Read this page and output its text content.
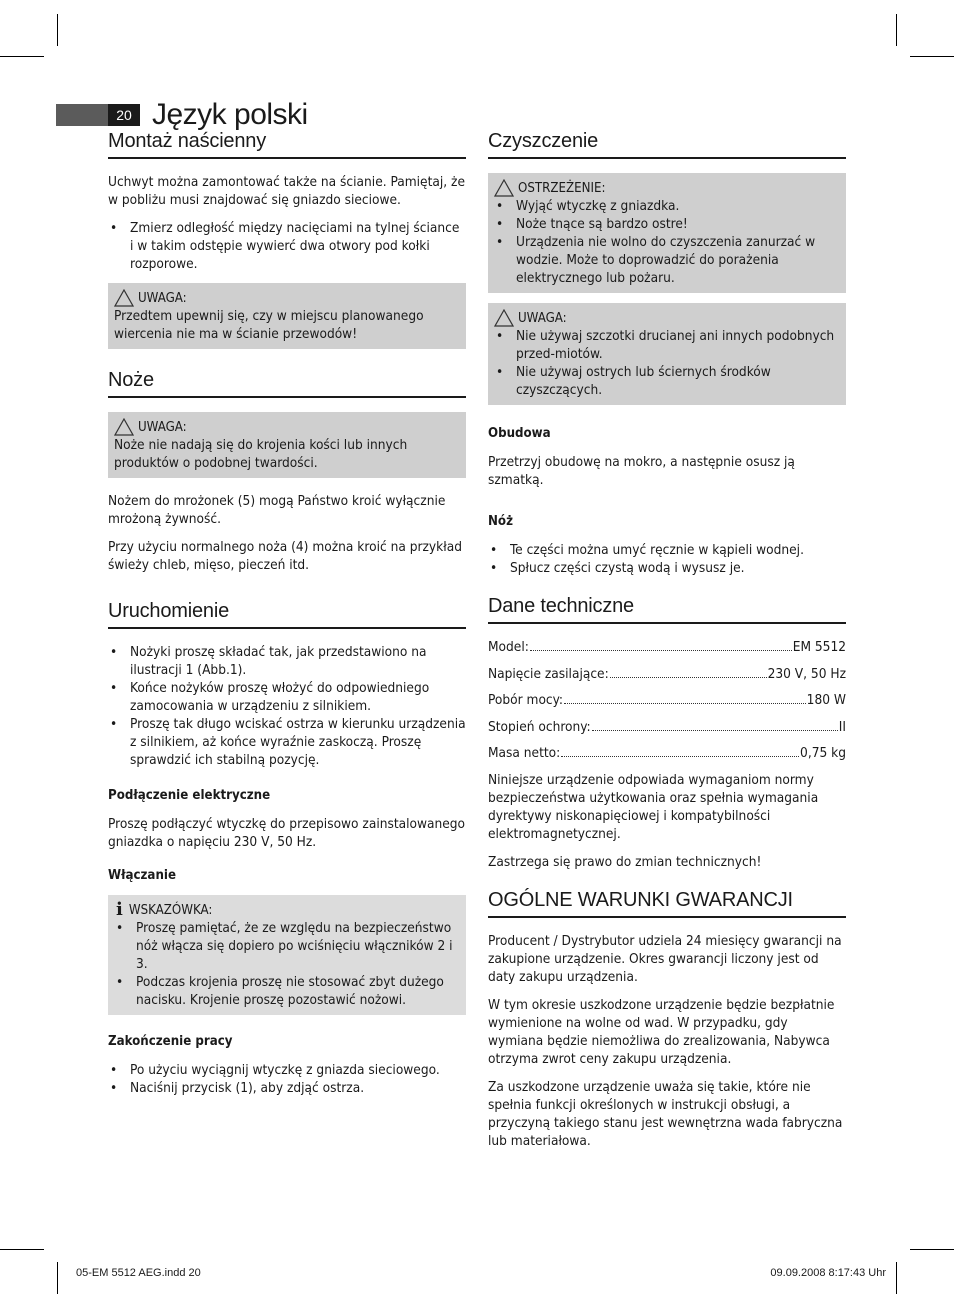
20 Język polski
Montaż naścienny

Uchwyt można zamontować także na ścianie. Pamiętaj, że w pobliżu musi znajdować się gniazdo sieciowe.

• Zmierz odległość między nacięciami na tylnej ściance i w takim odstępie wywierć dwa otwory pod kołki rozporowe.
UWAGA:

Przedtem upewnij się, czy w miejscu planowanego wiercenia nie ma w ścianie przewodów!

Noże
UWAGA:

Noże nie nadają się do krojenia kości lub innych produktów o podobnej twardości.

Nożem do mrożonek (5) mogą Państwo kroić wyłącznie mrożoną żywność.

Przy użyciu normalnego noża (4) można kroić na przykład świeży chleb, mięso, pieczeń itd.

Uruchomienie
• Nożyki proszę składać tak, jak przedstawiono na ilustracji 1 (Abb.1).
• Końce nożyków proszę włożyć do odpowiedniego zamocowania w urządzeniu z silnikiem.
• Proszę tak długo wciskać ostrza w kierunku urządzenia z silnikiem, aż końce wyraźnie zaskoczą. Proszę sprawdzić ich stabilną pozycję.
Podłączenie elektryczne

Proszę podłączyć wtyczkę do przepisowo zainstalowanego gniazdka o napięciu 230 V, 50 Hz.

Włączanie
i WSKAZÓWKA:
• Proszę pamiętać, że ze względu na bezpieczeństwo nóż włącza się dopiero po wciśnięciu włączników 2 i 3.
• Podczas krojenia proszę nie stosować zbyt dużego nacisku. Krojenie proszę pozostawić nożowi.
Zakończenie pracy
• Po użyciu wyciągnij wtyczkę z gniazda sieciowego.
• Naciśnij przycisk (1), aby zdjąć ostrza.
Czyszczenie
OSTRZEŻENIE:
• Wyjąć wtyczkę z gniazdka.
• Noże tnące są bardzo ostre!
• Urządzenia nie wolno do czyszczenia zanurzać w wodzie. Może to doprowadzić do porażenia elektrycznego lub pożaru.
UWAGA:
• Nie używaj szczotki drucianej ani innych podobnych przed-miotów.
• Nie używaj ostrych lub ściernych środków czyszczących.
Obudowa

Przetrzyj obudowę na mokro, a następnie osusz ją szmatką.

Nóż
• Te części można umyć ręcznie w kąpieli wodnej.
• Spłucz części czystą wodą i wysusz je.
Dane techniczne
Model:	EM 5512
Napięcie zasilające:	230 V, 50 Hz
Pobór mocy:	180 W
Stopień ochrony:	II
Masa netto:	0,75 kg

Niniejsze urządzenie odpowiada wymaganiom normy bezpieczeństwa użytkowania oraz spełnia wymagania dyrektywy niskonapięciowej i kompatybilności elektromagnetycznej.

Zastrzega się prawo do zmian technicznych!

OGÓLNE WARUNKI GWARANCJI

Producent / Dystrybutor udziela 24 miesięcy gwarancji na zakupione urządzenie. Okres gwarancji liczony jest od daty zakupu urządzenia.

W tym okresie uszkodzone urządzenie będzie bezpłatnie wymienione na wolne od wad. W przypadku, gdy wymiana będzie niemożliwa do zrealizowania, Nabywca otrzyma zwrot ceny zakupu urządzenia.

Za uszkodzone urządzenie uważa się takie, które nie spełnia funkcji określonych w instrukcji obsługi, a przyczyną takiego stanu jest wewnętrzna wada fabryczna lub materiałowa.

05-EM 5512 AEG.indd 20	09.09.2008 8:17:43 Uhr
